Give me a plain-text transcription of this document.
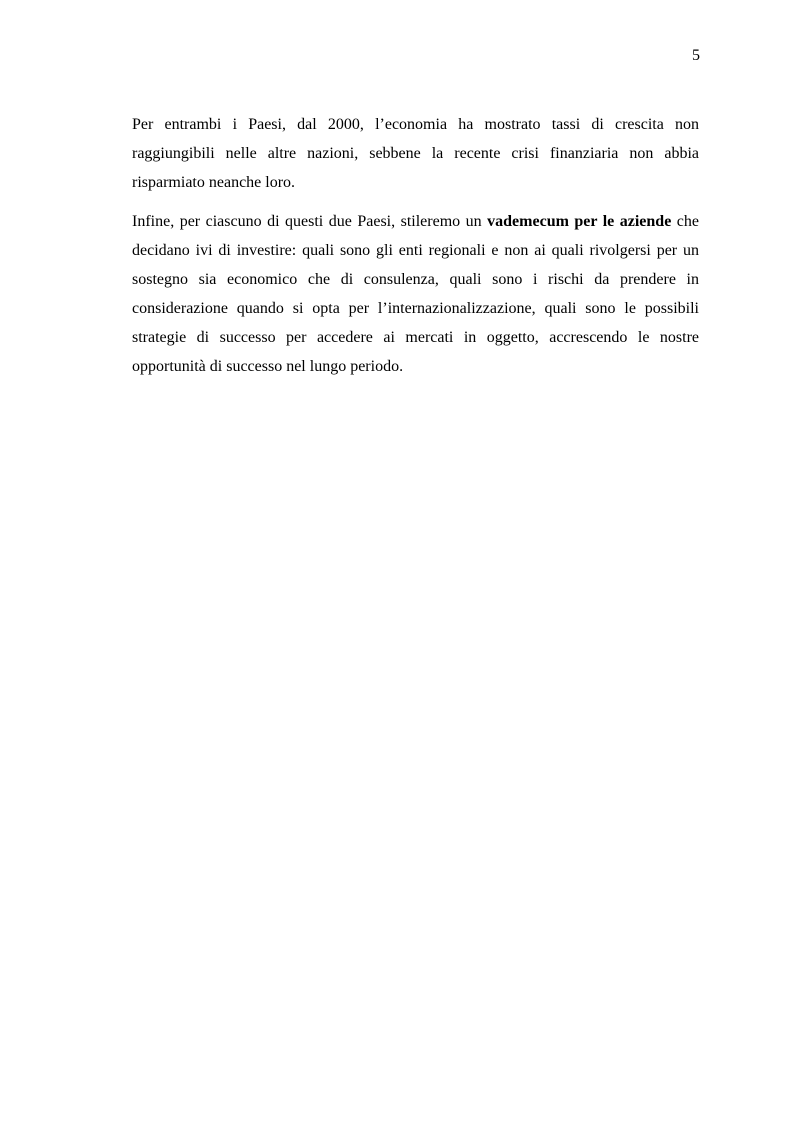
5

Per entrambi i Paesi, dal 2000, l’economia ha mostrato tassi di crescita non raggiungibili nelle altre nazioni, sebbene la recente crisi finanziaria non abbia risparmiato neanche loro.

Infine, per ciascuno di questi due Paesi, stileremo un vademecum per le aziende che decidano ivi di investire: quali sono gli enti regionali e non ai quali rivolgersi per un sostegno sia economico che di consulenza, quali sono i rischi da prendere in considerazione quando si opta per l’internazionalizzazione, quali sono le possibili strategie di successo per accedere ai mercati in oggetto, accrescendo le nostre opportunità di successo nel lungo periodo.
